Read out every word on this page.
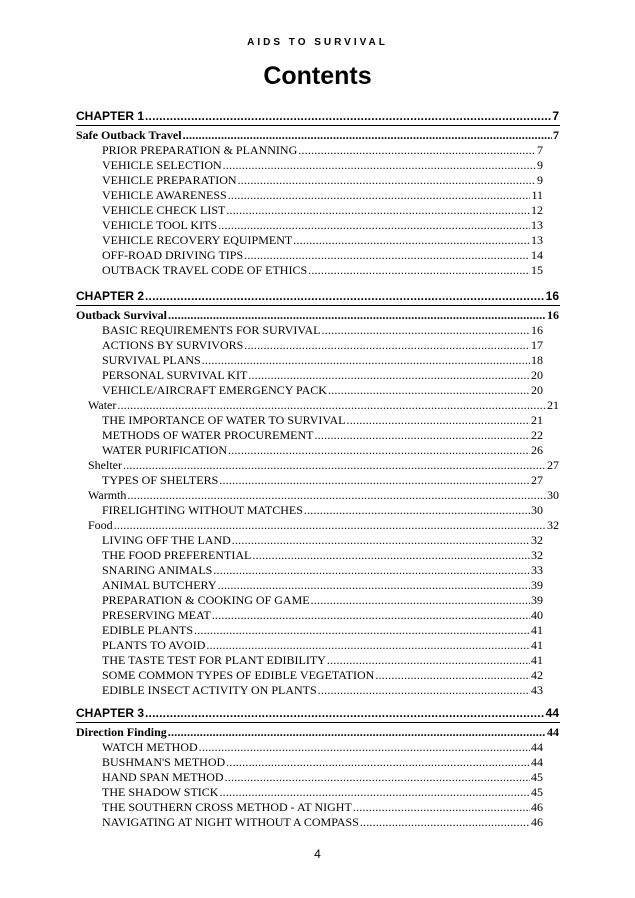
AIDS TO SURVIVAL
Contents
CHAPTER 1 .....	7
Safe Outback Travel .....	7
PRIOR PREPARATION & PLANNING .....	7
VEHICLE SELECTION .....	9
VEHICLE PREPARATION .....	9
VEHICLE AWARENESS .....	11
VEHICLE CHECK LIST .....	12
VEHICLE TOOL KITS .....	13
VEHICLE RECOVERY EQUIPMENT .....	13
OFF-ROAD DRIVING TIPS .....	14
OUTBACK TRAVEL CODE OF ETHICS .....	15
CHAPTER 2 .....	16
Outback Survival .....	16
BASIC REQUIREMENTS FOR SURVIVAL .....	16
ACTIONS BY SURVIVORS .....	17
SURVIVAL PLANS .....	18
PERSONAL SURVIVAL KIT .....	20
VEHICLE/AIRCRAFT EMERGENCY PACK .....	20
Water .....	21
THE IMPORTANCE OF WATER TO SURVIVAL .....	21
METHODS OF WATER PROCUREMENT .....	22
WATER PURIFICATION .....	26
Shelter .....	27
TYPES OF SHELTERS .....	27
Warmth .....	30
FIRELIGHTING WITHOUT MATCHES .....	30
Food .....	32
LIVING OFF THE LAND .....	32
THE FOOD PREFERENTIAL .....	32
SNARING ANIMALS .....	33
ANIMAL BUTCHERY .....	39
PREPARATION & COOKING OF GAME .....	39
PRESERVING MEAT .....	40
EDIBLE PLANTS .....	41
PLANTS TO AVOID .....	41
THE TASTE TEST FOR PLANT EDIBILITY .....	41
SOME COMMON TYPES OF EDIBLE VEGETATION .....	42
EDIBLE INSECT ACTIVITY ON PLANTS .....	43
CHAPTER 3 .....	44
Direction Finding .....	44
WATCH METHOD .....	44
BUSHMAN'S METHOD .....	44
HAND SPAN METHOD .....	45
THE SHADOW STICK .....	45
THE SOUTHERN CROSS METHOD - AT NIGHT .....	46
NAVIGATING AT NIGHT WITHOUT A COMPASS .....	46
4
